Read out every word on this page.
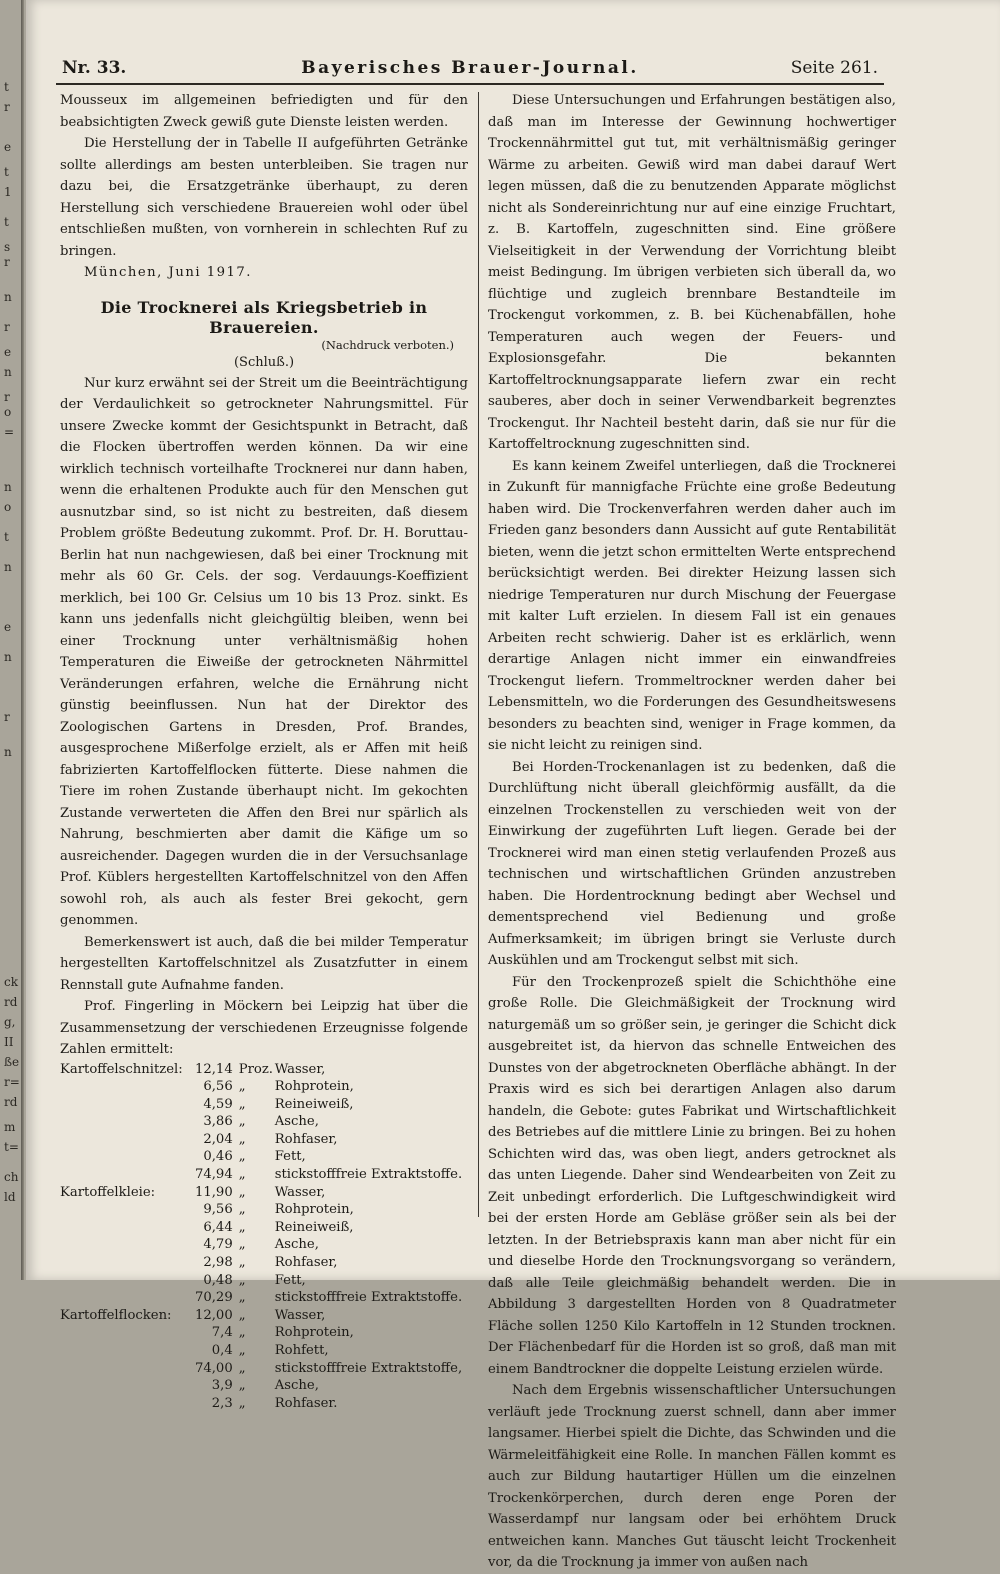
t
r
e
t
1
t
s
r
n
r
e
n
r
o
=
n
o
t
n
e
n
r
n
ck
rd
g,
II
ße
r=
rd
m
t=
ch
ld
Nr. 33.	Bayerisches Brauer-Journal.	Seite 261.

Mousseux im allgemeinen befriedigten und für den beabsichtigten Zweck gewiß gute Dienste leisten werden.

Die Herstellung der in Tabelle II aufgeführten Getränke sollte allerdings am besten unterbleiben. Sie tragen nur dazu bei, die Ersatzgetränke überhaupt, zu deren Herstellung sich verschiedene Brauereien wohl oder übel entschließen mußten, von vornherein in schlechten Ruf zu bringen.

München, Juni 1917.

Die Trocknerei als Kriegsbetrieb in Brauereien.
(Nachdruck verboten.)
(Schluß.)

Nur kurz erwähnt sei der Streit um die Beeinträchtigung der Verdaulichkeit so getrockneter Nahrungsmittel. Für unsere Zwecke kommt der Gesichtspunkt in Betracht, daß die Flocken übertroffen werden können. Da wir eine wirklich technisch vorteilhafte Trocknerei nur dann haben, wenn die erhaltenen Produkte auch für den Menschen gut ausnutzbar sind, so ist nicht zu bestreiten, daß diesem Problem größte Bedeutung zukommt. Prof. Dr. H. Boruttau-Berlin hat nun nachgewiesen, daß bei einer Trocknung mit mehr als 60 Gr. Cels. der sog. Verdauungs-Koeffizient merklich, bei 100 Gr. Celsius um 10 bis 13 Proz. sinkt. Es kann uns jedenfalls nicht gleichgültig bleiben, wenn bei einer Trocknung unter verhältnismäßig hohen Temperaturen die Eiweiße der getrockneten Nährmittel Veränderungen erfahren, welche die Ernährung nicht günstig beeinflussen. Nun hat der Direktor des Zoologischen Gartens in Dresden, Prof. Brandes, ausgesprochene Mißerfolge erzielt, als er Affen mit heiß fabrizierten Kartoffelflocken fütterte. Diese nahmen die Tiere im rohen Zustande überhaupt nicht. Im gekochten Zustande verwerteten die Affen den Brei nur spärlich als Nahrung, beschmierten aber damit die Käfige um so ausreichender. Dagegen wurden die in der Versuchsanlage Prof. Küblers hergestellten Kartoffelschnitzel von den Affen sowohl roh, als auch als fester Brei gekocht, gern genommen.

Bemerkenswert ist auch, daß die bei milder Temperatur hergestellten Kartoffelschnitzel als Zusatzfutter in einem Rennstall gute Aufnahme fanden.

Prof. Fingerling in Möckern bei Leipzig hat über die Zusammensetzung der verschiedenen Erzeugnisse folgende Zahlen ermittelt:

Kartoffelschnitzel:	12,14	Proz.	Wasser,
	6,56	„	Rohprotein,
	4,59	„	Reineiweiß,
	3,86	„	Asche,
	2,04	„	Rohfaser,
	0,46	„	Fett,
	74,94	„	stickstofffreie Extraktstoffe.
Kartoffelkleie:	11,90	„	Wasser,
	9,56	„	Rohprotein,
	6,44	„	Reineiweiß,
	4,79	„	Asche,
	2,98	„	Rohfaser,
	0,48	„	Fett,
	70,29	„	stickstofffreie Extraktstoffe.
Kartoffelflocken:	12,00	„	Wasser,
	7,4	„	Rohprotein,
	0,4	„	Rohfett,
	74,00	„	stickstofffreie Extraktstoffe,
	3,9	„	Asche,
	2,3	„	Rohfaser.

Diese Untersuchungen und Erfahrungen bestätigen also, daß man im Interesse der Gewinnung hochwertiger Trockennährmittel gut tut, mit verhältnismäßig geringer Wärme zu arbeiten. Gewiß wird man dabei darauf Wert legen müssen, daß die zu benutzenden Apparate möglichst nicht als Sondereinrichtung nur auf eine einzige Fruchtart, z. B. Kartoffeln, zugeschnitten sind. Eine größere Vielseitigkeit in der Verwendung der Vorrichtung bleibt meist Bedingung. Im übrigen verbieten sich überall da, wo flüchtige und zugleich brennbare Bestandteile im Trockengut vorkommen, z. B. bei Küchenabfällen, hohe Temperaturen auch wegen der Feuers- und Explosionsgefahr. Die bekannten Kartoffeltrocknungsapparate liefern zwar ein recht sauberes, aber doch in seiner Verwendbarkeit begrenztes Trockengut. Ihr Nachteil besteht darin, daß sie nur für die Kartoffeltrocknung zugeschnitten sind.

Es kann keinem Zweifel unterliegen, daß die Trocknerei in Zukunft für mannigfache Früchte eine große Bedeutung haben wird. Die Trockenverfahren werden daher auch im Frieden ganz besonders dann Aussicht auf gute Rentabilität bieten, wenn die jetzt schon ermittelten Werte entsprechend berücksichtigt werden. Bei direkter Heizung lassen sich niedrige Temperaturen nur durch Mischung der Feuergase mit kalter Luft erzielen. In diesem Fall ist ein genaues Arbeiten recht schwierig. Daher ist es erklärlich, wenn derartige Anlagen nicht immer ein einwandfreies Trockengut liefern. Trommeltrockner werden daher bei Lebensmitteln, wo die Forderungen des Gesundheitswesens besonders zu beachten sind, weniger in Frage kommen, da sie nicht leicht zu reinigen sind.

Bei Horden-Trockenanlagen ist zu bedenken, daß die Durchlüftung nicht überall gleichförmig ausfällt, da die einzelnen Trockenstellen zu verschieden weit von der Einwirkung der zugeführten Luft liegen. Gerade bei der Trocknerei wird man einen stetig verlaufenden Prozeß aus technischen und wirtschaftlichen Gründen anzustreben haben. Die Hordentrocknung bedingt aber Wechsel und dementsprechend viel Bedienung und große Aufmerksamkeit; im übrigen bringt sie Verluste durch Auskühlen und am Trockengut selbst mit sich.

Für den Trockenprozeß spielt die Schichthöhe eine große Rolle. Die Gleichmäßigkeit der Trocknung wird naturgemäß um so größer sein, je geringer die Schicht dick ausgebreitet ist, da hiervon das schnelle Entweichen des Dunstes von der abgetrockneten Oberfläche abhängt. In der Praxis wird es sich bei derartigen Anlagen also darum handeln, die Gebote: gutes Fabrikat und Wirtschaftlichkeit des Betriebes auf die mittlere Linie zu bringen. Bei zu hohen Schichten wird das, was oben liegt, anders getrocknet als das unten Liegende. Daher sind Wendearbeiten von Zeit zu Zeit unbedingt erforderlich. Die Luftgeschwindigkeit wird bei der ersten Horde am Gebläse größer sein als bei der letzten. In der Betriebspraxis kann man aber nicht für ein und dieselbe Horde den Trocknungsvorgang so verändern, daß alle Teile gleichmäßig behandelt werden. Die in Abbildung 3 dargestellten Horden von 8 Quadratmeter Fläche sollen 1250 Kilo Kartoffeln in 12 Stunden trocknen. Der Flächenbedarf für die Horden ist so groß, daß man mit einem Bandtrockner die doppelte Leistung erzielen würde.

Nach dem Ergebnis wissenschaftlicher Untersuchungen verläuft jede Trocknung zuerst schnell, dann aber immer langsamer. Hierbei spielt die Dichte, das Schwinden und die Wärmeleitfähigkeit eine Rolle. In manchen Fällen kommt es auch zur Bildung hautartiger Hüllen um die einzelnen Trockenkörperchen, durch deren enge Poren der Wasserdampf nur langsam oder bei erhöhtem Druck entweichen kann. Manches Gut täuscht leicht Trockenheit vor, da die Trocknung ja immer von außen nach
